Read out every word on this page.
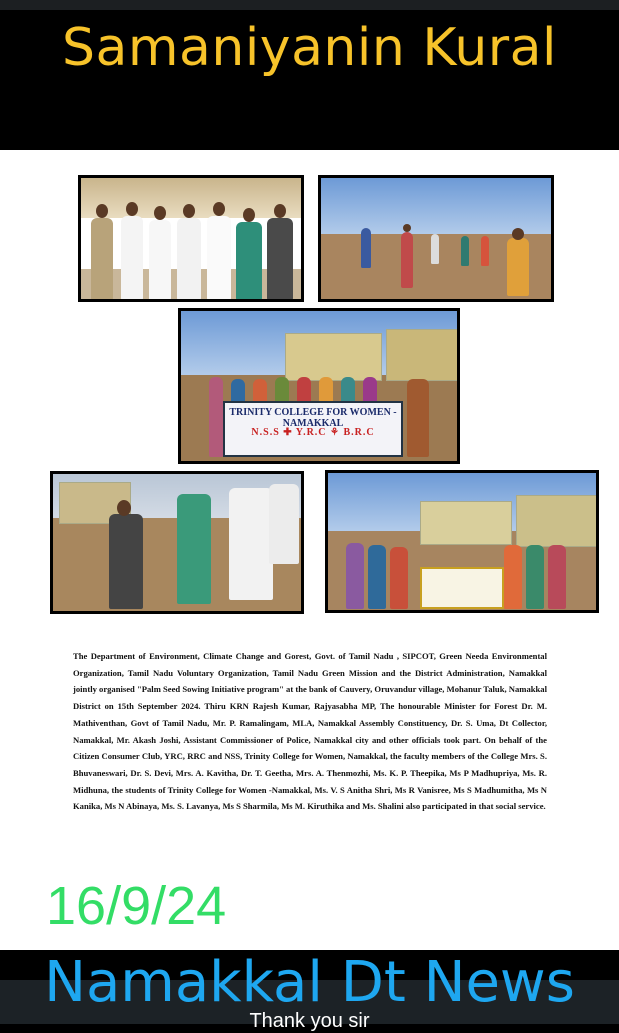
Samaniyanin Kural
TRINITY COLLEGE FOR WOMEN - NAMAKKAL
N.S.S ✚ Y.R.C ⚘ B.R.C
The Department of Environment, Climate Change and Gorest, Govt. of Tamil Nadu , SIPCOT, Green Needa Environmental Organization, Tamil Nadu Voluntary Organization, Tamil Nadu Green Mission and the District Administration, Namakkal jointly organised "Palm Seed Sowing Initiative program" at the bank of Cauvery, Oruvandur village, Mohanur Taluk, Namakkal District on 15th September 2024. Thiru KRN Rajesh Kumar, Rajyasabha MP, The honourable Minister for Forest Dr. M. Mathiventhan, Govt of Tamil Nadu, Mr. P. Ramalingam, MLA, Namakkal Assembly Constituency, Dr. S. Uma, Dt Collector, Namakkal, Mr. Akash Joshi, Assistant Commissioner of Police, Namakkal city and other officials took part. On behalf of the Citizen Consumer Club, YRC, RRC and NSS, Trinity College for Women, Namakkal, the faculty members of the College Mrs. S. Bhuvaneswari, Dr. S. Devi, Mrs. A. Kavitha, Dr. T. Geetha, Mrs. A. Thenmozhi, Ms. K. P. Theepika, Ms P Madhupriya, Ms. R. Midhuna, the students of Trinity College for Women -Namakkal, Ms. V. S Anitha Shri, Ms R Vanisree, Ms S Madhumitha, Ms N Kanika, Ms N Abinaya, Ms. S. Lavanya, Ms S Sharmila, Ms M. Kiruthika and Ms. Shalini also participated in that social service.
16/9/24
Namakkal Dt News
Thank you sir
